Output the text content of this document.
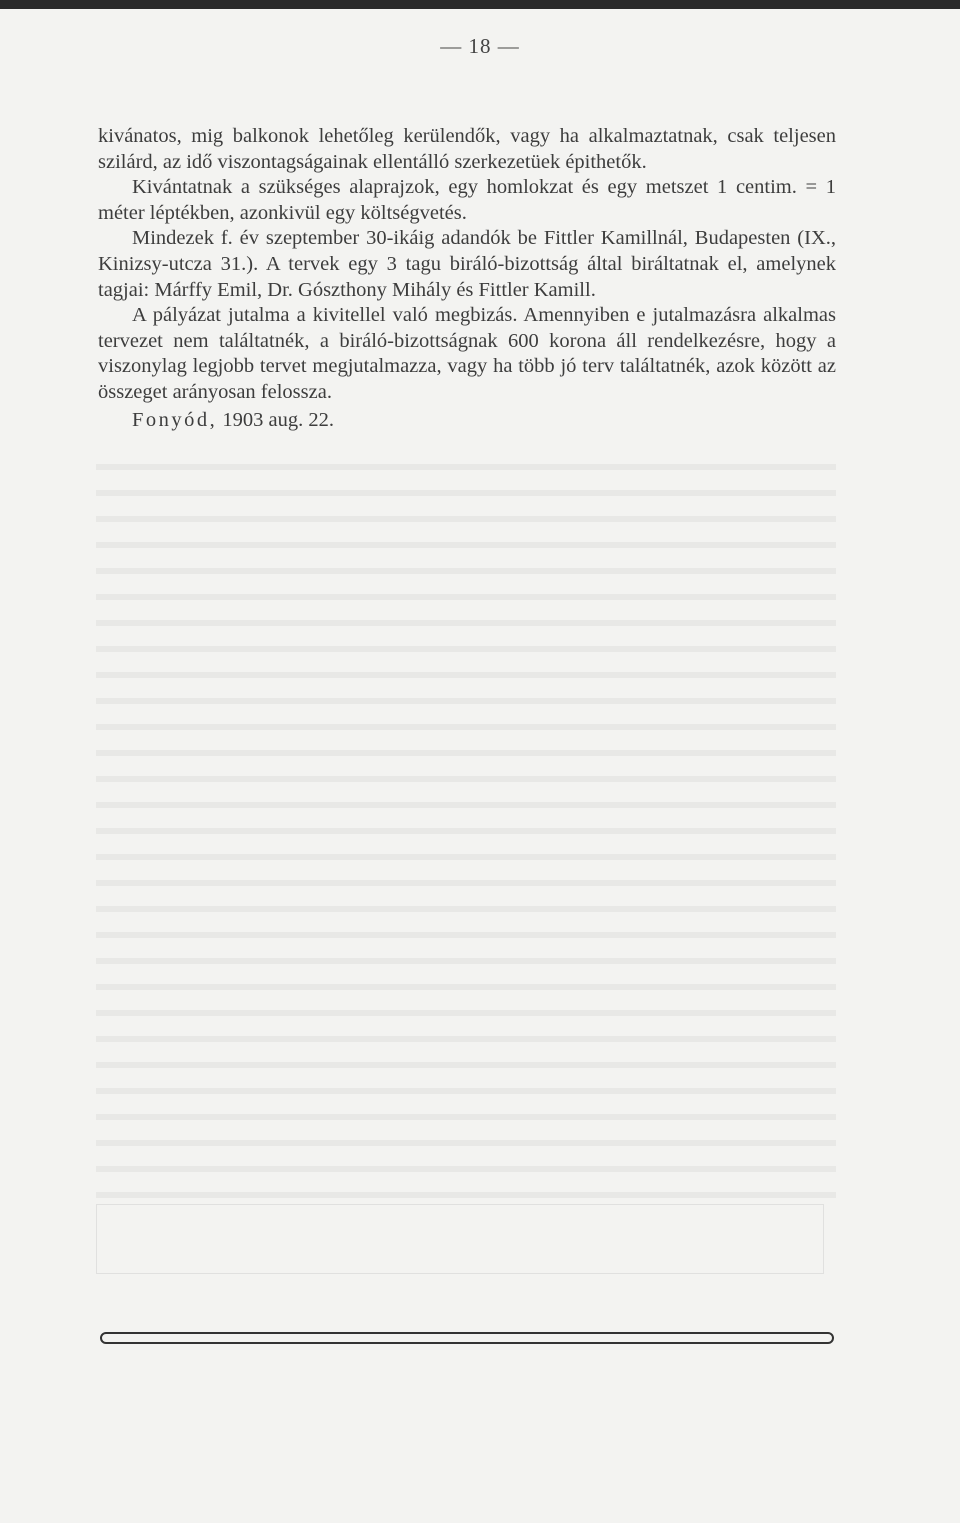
— 18 —

kivánatos, mig balkonok lehetőleg kerülendők, vagy ha alkalmaztatnak, csak teljesen szilárd, az idő viszontagságainak ellentálló szerkezetüek épithetők.

Kivántatnak a szükséges alaprajzok, egy homlokzat és egy metszet 1 centim. = 1 méter léptékben, azonkivül egy költségvetés.

Mindezek f. év szeptember 30-ikáig adandók be Fittler Kamillnál, Budapesten (IX., Kinizsy-utcza 31.). A tervek egy 3 tagu biráló-bizottság által biráltatnak el, amelynek tagjai: Márffy Emil, Dr. Gószthony Mihály és Fittler Kamill.

A pályázat jutalma a kivitellel való megbizás. Amennyiben e jutalmazásra alkalmas tervezet nem találtatnék, a biráló-bizottságnak 600 korona áll rendelkezésre, hogy a viszonylag legjobb tervet megjutalmazza, vagy ha több jó terv találtatnék, azok között az összeget arányosan felossza.

Fonyód, 1903 aug. 22.
